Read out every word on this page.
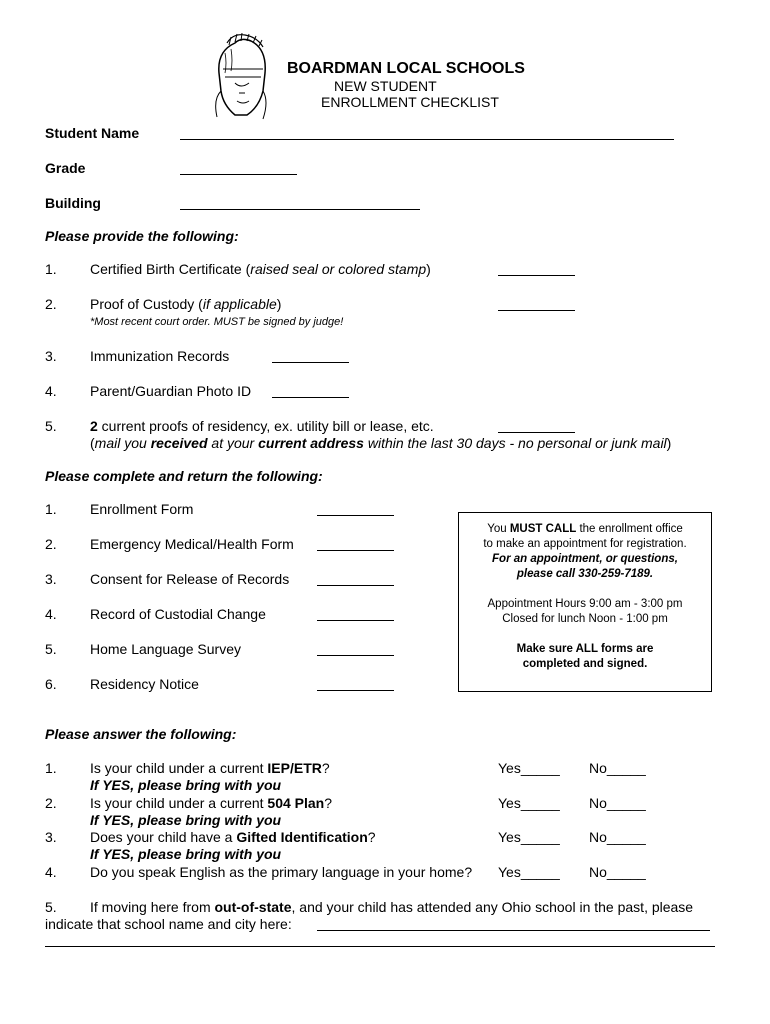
BOARDMAN LOCAL SCHOOLS
NEW STUDENT
ENROLLMENT CHECKLIST
Student Name
Grade
Building
Please provide the following:
1. Certified Birth Certificate (raised seal or colored stamp)
2. Proof of Custody (if applicable)
*Most recent court order. MUST be signed by judge!
3. Immunization Records
4. Parent/Guardian Photo ID
5. 2 current proofs of residency, ex. utility bill or lease, etc.
(mail you received at your current address within the last 30 days - no personal or junk mail)
Please complete and return the following:
1. Enrollment Form
2. Emergency Medical/Health Form
3. Consent for Release of Records
4. Record of Custodial Change
5. Home Language Survey
6. Residency Notice
You MUST CALL the enrollment office
to make an appointment for registration.
For an appointment, or questions,
please call 330-259-7189.
Appointment Hours 9:00 am - 3:00 pm
Closed for lunch Noon - 1:00 pm
Make sure ALL forms are
completed and signed.
Please answer the following:
1. Is your child under a current IEP/ETR?	Yes_____ No_____
If YES, please bring with you
2. Is your child under a current 504 Plan?	Yes_____ No_____
If YES, please bring with you
3. Does your child have a Gifted Identification?	Yes_____ No_____
If YES, please bring with you
4. Do you speak English as the primary language in your home? Yes_____ No_____
5. If moving here from out-of-state, and your child has attended any Ohio school in the past, please
indicate that school name and city here:
